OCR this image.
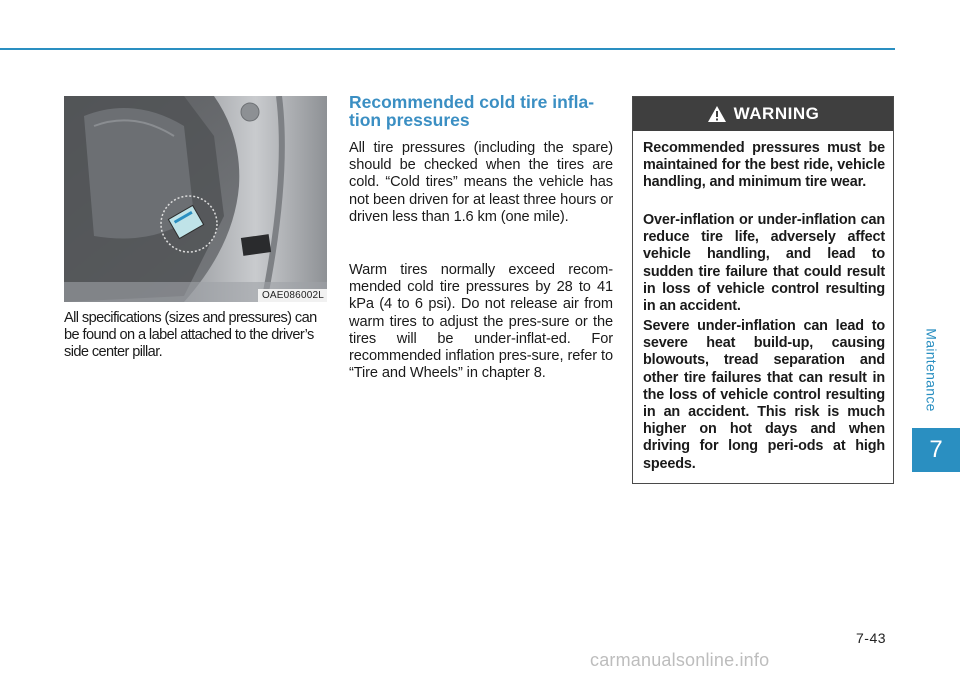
OAE086002L

All specifications (sizes and pressures) can be found on a label attached to the driver’s side center pillar.

Recommended cold tire infla-tion pressures

All tire pressures (including the spare) should be checked when the tires are cold. “Cold tires” means the vehicle has not been driven for at least three hours or driven less than 1.6 km (one mile).

Warm tires normally exceed recom-mended cold tire pressures by 28 to 41 kPa (4 to 6 psi). Do not release air from warm tires to adjust the pres-sure or the tires will be under-inflat-ed. For recommended inflation pres-sure, refer to “Tire and Wheels” in chapter 8.

WARNING

Recommended pressures must be maintained for the best ride, vehicle handling, and minimum tire wear.

Over-inflation or under-inflation can reduce tire life, adversely affect vehicle handling, and lead to sudden tire failure that could result in loss of vehicle control resulting in an accident.

Severe under-inflation can lead to severe heat build-up, causing blowouts, tread separation and other tire failures that can result in the loss of vehicle control resulting in an accident. This risk is much higher on hot days and when driving for long peri-ods at high speeds.

Maintenance
7
7-43
carmanualsonline.info
